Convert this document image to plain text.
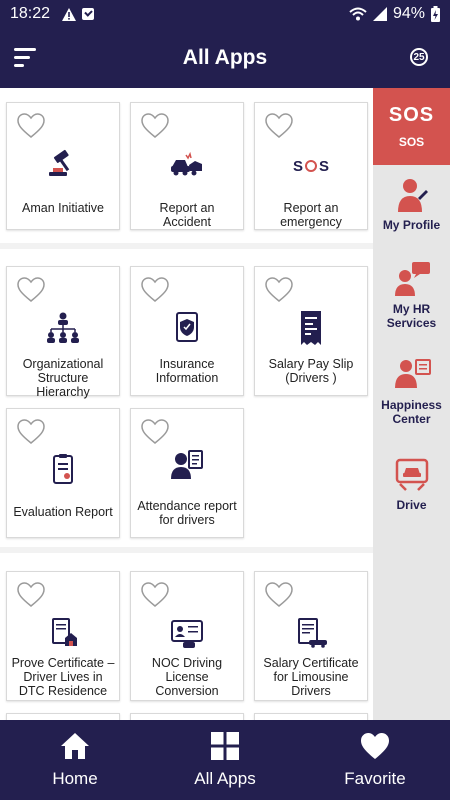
18:22	94%
All Apps	25
Aman Initiative	Report an Accident
S S
Report an emergency
Organizational Structure Hierarchy
Insurance Information
Salary Pay Slip (Drivers )
Evaluation Report Attendance report for drivers
Prove Certificate – Driver Lives in DTC Residence
NOC Driving License Conversion
Salary Certificate for Limousine Drivers
SOS
SOS
My Profile
My HR Services
Happiness Center
Drive
Home	All Apps	Favorite
